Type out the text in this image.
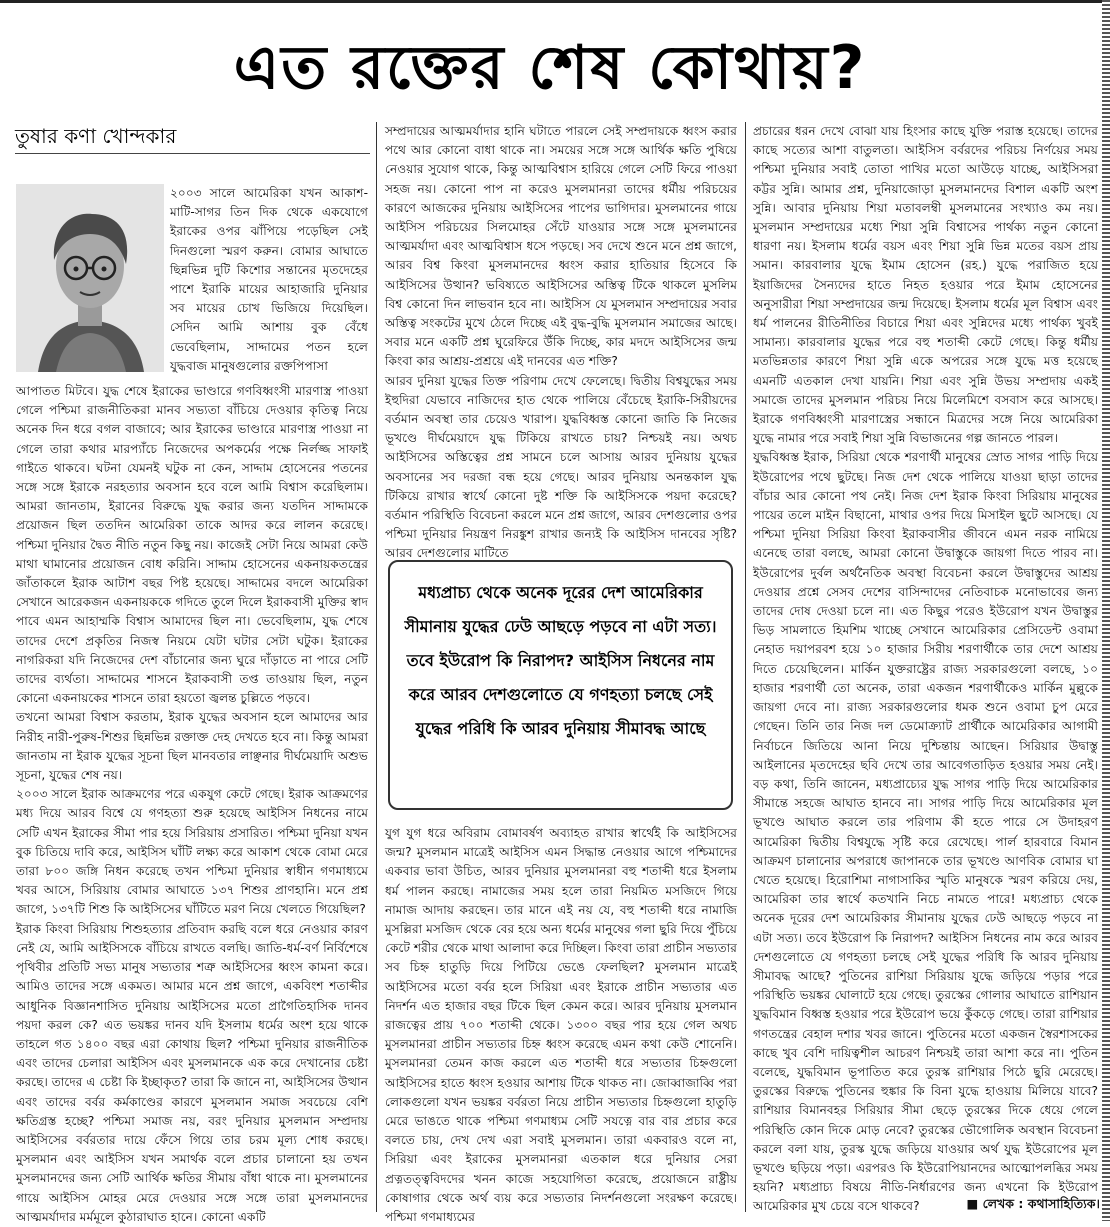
এত রক্তের শেষ কোথায়?
তুষার কণা খোন্দকার

২০০৩ সালে আমেরিকা যখন আকাশ-মাটি-সাগর তিন দিক থেকে একযোগে ইরাকের ওপর ঝাঁপিয়ে পড়েছিল সেই দিনগুলো স্মরণ করুন। বোমার আঘাতে ছিন্নভিন্ন দুটি কিশোর সন্তানের মৃতদেহের পাশে ইরাকি মায়ের আহাজারি দুনিয়ার সব মায়ের চোখ ভিজিয়ে দিয়েছিল। সেদিন আমি আশায় বুক বেঁধে ভেবেছিলাম, সাদ্দামের পতন হলে যুদ্ধবাজ মানুষগুলোর রক্তপিপাসা

আপাতত মিটবে। যুদ্ধ শেষে ইরাকের ভাণ্ডারে গণবিধ্বংসী মারণাস্ত্র পাওয়া গেলে পশ্চিমা রাজনীতিকরা মানব সভ্যতা বাঁচিয়ে দেওয়ার কৃতিত্ব নিয়ে অনেক দিন ধরে বগল বাজাবে; আর ইরাকের ভাণ্ডারে মারণাস্ত্র পাওয়া না গেলে তারা কথার মারপ্যাঁচে নিজেদের অপকর্মের পক্ষে নির্লজ্জ সাফাই গাইতে থাকবে। ঘটনা যেমনই ঘটুক না কেন, সাদ্দাম হোসেনের পতনের সঙ্গে সঙ্গে ইরাকে নরহত্যার অবসান হবে বলে আমি বিশ্বাস করেছিলাম। আমরা জানতাম, ইরানের বিরুদ্ধে যুদ্ধ করার জন্য যতদিন সাদ্দামকে প্রয়োজন ছিল ততদিন আমেরিকা তাকে আদর করে লালন করেছে। পশ্চিমা দুনিয়ার দ্বৈত নীতি নতুন কিছু নয়। কাজেই সেটা নিয়ে আমরা কেউ মাথা ঘামানোর প্রয়োজন বোধ করিনি। সাদ্দাম হোসেনের একনায়কতন্ত্রের জাঁতাকলে ইরাক আটাশ বছর পিষ্ট হয়েছে। সাদ্দামের বদলে আমেরিকা সেখানে আরেকজন একনায়ককে গদিতে তুলে দিলে ইরাকবাসী মুক্তির স্বাদ পাবে এমন আহাম্মকি বিশ্বাস আমাদের ছিল না। ভেবেছিলাম, যুদ্ধ শেষে তাদের দেশে প্রকৃতির নিজস্ব নিয়মে যেটা ঘটার সেটা ঘটুক। ইরাকের নাগরিকরা যদি নিজেদের দেশ বাঁচানোর জন্য ঘুরে দাঁড়াতে না পারে সেটি তাদের ব্যর্থতা। সাদ্দামের শাসনে ইরাকবাসী তপ্ত তাওয়ায় ছিল, নতুন কোনো একনায়কের শাসনে তারা হয়তো জ্বলন্ত চুল্লিতে পড়বে।

তখনো আমরা বিশ্বাস করতাম, ইরাক যুদ্ধের অবসান হলে আমাদের আর নিরীহ নারী-পুরুষ-শিশুর ছিন্নভিন্ন রক্তাক্ত দেহ দেখতে হবে না। কিন্তু আমরা জানতাম না ইরাক যুদ্ধের সূচনা ছিল মানবতার লাঞ্ছনার দীর্ঘমেয়াদি অশুভ সূচনা, যুদ্ধের শেষ নয়।

২০০৩ সালে ইরাক আক্রমণের পরে একযুগ কেটে গেছে। ইরাক আক্রমণের মধ্য দিয়ে আরব বিশ্বে যে গণহত্যা শুরু হয়েছে আইসিস নিধনের নামে সেটি এখন ইরাকের সীমা পার হয়ে সিরিয়ায় প্রসারিত। পশ্চিমা দুনিয়া যখন বুক চিতিয়ে দাবি করে, আইসিস ঘাঁটি লক্ষ্য করে আকাশ থেকে বোমা মেরে তারা ৮০০ জঙ্গি নিধন করেছে তখন পশ্চিমা দুনিয়ার স্বাধীন গণমাধ্যমে খবর আসে, সিরিয়ায় বোমার আঘাতে ১৩৭ শিশুর প্রাণহানি। মনে প্রশ্ন জাগে, ১৩৭টি শিশু কি আইসিসের ঘাঁটিতে মরণ নিয়ে খেলতে গিয়েছিল?

ইরাক কিংবা সিরিয়ায় শিশুহত্যার প্রতিবাদ করছি বলে ধরে নেওয়ার কারণ নেই যে, আমি আইসিসকে বাঁচিয়ে রাখতে বলছি। জাতি-ধর্ম-বর্ণ নির্বিশেষে পৃথিবীর প্রতিটি সভ্য মানুষ সভ্যতার শত্রু আইসিসের ধ্বংস কামনা করে। আমিও তাদের সঙ্গে একমত। আমার মনে প্রশ্ন জাগে, একবিংশ শতাব্দীর আধুনিক বিজ্ঞানশাসিত দুনিয়ায় আইসিসের মতো প্রাগৈতিহাসিক দানব পয়দা করল কে? এত ভয়ঙ্কর দানব যদি ইসলাম ধর্মের অংশ হয়ে থাকে তাহলে গত ১৪০০ বছর এরা কোথায় ছিল? পশ্চিমা দুনিয়ার রাজনীতিক এবং তাদের চেলারা আইসিস এবং মুসলমানকে এক করে দেখানোর চেষ্টা করছে। তাদের এ চেষ্টা কি ইচ্ছাকৃত? তারা কি জানে না, আইসিসের উত্থান এবং তাদের বর্বর কর্মকাণ্ডের কারণে মুসলমান সমাজ সবচেয়ে বেশি ক্ষতিগ্রস্ত হচ্ছে? পশ্চিমা সমাজ নয়, বরং দুনিয়ার মুসলমান সম্প্রদায় আইসিসের বর্বরতার দায়ে ফেঁসে গিয়ে তার চরম মূল্য শোধ করছে। মুসলমান এবং আইসিস যখন সমার্থক বলে প্রচার চালানো হয় তখন মুসলমানদের জন্য সেটি আর্থিক ক্ষতির সীমায় বাঁধা থাকে না। মুসলমানের গায়ে আইসিস মোহর মেরে দেওয়ার সঙ্গে সঙ্গে তারা মুসলমানদের আত্মমর্যাদার মর্মমূলে কুঠারাঘাত হানে। কোনো একটি

সম্প্রদায়ের আত্মমর্যাদার হানি ঘটাতে পারলে সেই সম্প্রদায়কে ধ্বংস করার পথে আর কোনো বাধা থাকে না। সময়ের সঙ্গে সঙ্গে আর্থিক ক্ষতি পুষিয়ে নেওয়ার সুযোগ থাকে, কিন্তু আত্মবিশ্বাস হারিয়ে গেলে সেটি ফিরে পাওয়া সহজ নয়। কোনো পাপ না করেও মুসলমানরা তাদের ধর্মীয় পরিচয়ের কারণে আজকের দুনিয়ায় আইসিসের পাপের ভাগিদার। মুসলমানের গায়ে আইসিস পরিচয়ের সিলমোহর সেঁটে যাওয়ার সঙ্গে সঙ্গে মুসলমানের আত্মমর্যাদা এবং আত্মবিশ্বাস ধসে পড়ছে। সব দেখে শুনে মনে প্রশ্ন জাগে, আরব বিশ্ব কিংবা মুসলমানদের ধ্বংস করার হাতিয়ার হিসেবে কি আইসিসের উত্থান? ভবিষ্যতে আইসিসের অস্তিত্ব টিকে থাকলে মুসলিম বিশ্ব কোনো দিন লাভবান হবে না। আইসিস যে মুসলমান সম্প্রদায়ের সবার অস্তিত্ব সংকটের মুখে ঠেলে দিচ্ছে এই বুদ্ধ-বুদ্ধি মুসলমান সমাজের আছে। সবার মনে একটি প্রশ্ন ঘুরেফিরে উঁকি দিচ্ছে, কার মদদে আইসিসের জন্ম কিংবা কার আশ্রয়-প্রশ্রয়ে এই দানবের এত শক্তি?

আরব দুনিয়া যুদ্ধের তিক্ত পরিণাম দেখে ফেলেছে। দ্বিতীয় বিশ্বযুদ্ধের সময় ইহুদিরা যেভাবে নাজিদের হাত থেকে পালিয়ে বেঁচেছে ইরাকি-সিরীয়দের বর্তমান অবস্থা তার চেয়েও খারাপ। যুদ্ধবিধ্বস্ত কোনো জাতি কি নিজের ভূখণ্ডে দীর্ঘমেয়াদে যুদ্ধ টিকিয়ে রাখতে চায়? নিশ্চয়ই নয়। অথচ আইসিসের অস্তিত্বের প্রশ্ন সামনে চলে আসায় আরব দুনিয়ায় যুদ্ধের অবসানের সব দরজা বন্ধ হয়ে গেছে। আরব দুনিয়ায় অনন্তকাল যুদ্ধ টিকিয়ে রাখার স্বার্থে কোনো দুষ্ট শক্তি কি আইসিসকে পয়দা করেছে? বর্তমান পরিস্থিতি বিবেচনা করলে মনে প্রশ্ন জাগে, আরব দেশগুলোর ওপর পশ্চিমা দুনিয়ার নিয়ন্ত্রণ নিরঙ্কুশ রাখার জন্যই কি আইসিস দানবের সৃষ্টি? আরব দেশগুলোর মাটিতে

মধ্যপ্রাচ্য থেকে অনেক দূরের দেশ আমেরিকার সীমানায় যুদ্ধের ঢেউ আছড়ে পড়বে না এটা সত্য। তবে ইউরোপ কি নিরাপদ? আইসিস নিধনের নাম করে আরব দেশগুলোতে যে গণহত্যা চলছে সেই যুদ্ধের পরিধি কি আরব দুনিয়ায় সীমাবদ্ধ আছে

যুগ যুগ ধরে অবিরাম বোমাবর্ষণ অব্যাহত রাখার স্বার্থেই কি আইসিসের জন্ম? মুসলমান মাত্রেই আইসিস এমন সিদ্ধান্ত নেওয়ার আগে পশ্চিমাদের একবার ভাবা উচিত, আরব দুনিয়ার মুসলমানরা বহু শতাব্দী ধরে ইসলাম ধর্ম পালন করছে। নামাজের সময় হলে তারা নিয়মিত মসজিদে গিয়ে নামাজ আদায় করছেন। তার মানে এই নয় যে, বহু শতাব্দী ধরে নামাজি মুসল্লিরা মসজিদ থেকে বের হয়ে অন্য ধর্মের মানুষের গলা ছুরি দিয়ে পুঁচিয়ে কেটে শরীর থেকে মাথা আলাদা করে দিচ্ছিল। কিংবা তারা প্রাচীন সভ্যতার সব চিহ্ন হাতুড়ি দিয়ে পিটিয়ে ভেঙে ফেলছিল? মুসলমান মাত্রেই আইসিসের মতো বর্বর হলে সিরিয়া এবং ইরাকে প্রাচীন সভ্যতার এত নিদর্শন এত হাজার বছর টিকে ছিল কেমন করে। আরব দুনিয়ায় মুসলমান রাজত্বের প্রায় ৭০০ শতাব্দী থেকে। ১৩০০ বছর পার হয়ে গেল অথচ মুসলমানরা প্রাচীন সভ্যতার চিহ্ন ধ্বংস করেছে এমন কথা কেউ শোনেনি। মুসলমানরা তেমন কাজ করলে এত শতাব্দী ধরে সভ্যতার চিহ্নগুলো আইসিসের হাতে ধ্বংস হওয়ার আশায় টিকে থাকত না। জোব্বাজাব্বি পরা লোকগুলো যখন ভয়ঙ্কর বর্বরতা নিয়ে প্রাচীন সভ্যতার চিহ্নগুলো হাতুড়ি মেরে ভাঙতে থাকে পশ্চিমা গণমাধ্যম সেটি সযত্নে বার বার প্রচার করে বলতে চায়, দেখ দেখ এরা সবাই মুসলমান। তারা একবারও বলে না, সিরিয়া এবং ইরাকের মুসলমানরা এতকাল ধরে দুনিয়ার সেরা প্রত্নতত্ত্ববিদদের খনন কাজে সহযোগিতা করেছে, প্রয়োজনে রাষ্ট্রীয় কোষাগার থেকে অর্থ ব্যয় করে সভ্যতার নিদর্শনগুলো সংরক্ষণ করেছে। পশ্চিমা গণমাধ্যমের

প্রচারের ধরন দেখে বোঝা যায় হিংসার কাছে যুক্তি পরাস্ত হয়েছে। তাদের কাছে সত্যের আশা বাতুলতা। আইসিস বর্বরদের পরিচয় নির্ণয়ের সময় পশ্চিমা দুনিয়ার সবাই তোতা পাখির মতো আউড়ে যাচ্ছে, আইসিসরা কট্টর সুন্নি। আমার প্রশ্ন, দুনিয়াজোড়া মুসলমানদের বিশাল একটি অংশ সুন্নি। আবার দুনিয়ায় শিয়া মতাবলম্বী মুসলমানের সংখ্যাও কম নয়। মুসলমান সম্প্রদায়ের মধ্যে শিয়া সুন্নি বিশ্বাসের পার্থক্য নতুন কোনো ধারণা নয়। ইসলাম ধর্মের বয়স এবং শিয়া সুন্নি ভিন্ন মতের বয়স প্রায় সমান। কারবালার যুদ্ধে ইমাম হোসেন (রহ.) যুদ্ধে পরাজিত হয়ে ইয়াজিদের সৈন্যদের হাতে নিহত হওয়ার পরে ইমাম হোসেনের অনুসারীরা শিয়া সম্প্রদায়ের জন্ম দিয়েছে। ইসলাম ধর্মের মূল বিশ্বাস এবং ধর্ম পালনের রীতিনীতির বিচারে শিয়া এবং সুন্নিদের মধ্যে পার্থক্য খুবই সামান্য। কারবালার যুদ্ধের পরে বহু শতাব্দী কেটে গেছে। কিন্তু ধর্মীয় মতভিন্নতার কারণে শিয়া সুন্নি একে অপরের সঙ্গে যুদ্ধে মত্ত হয়েছে এমনটি এতকাল দেখা যায়নি। শিয়া এবং সুন্নি উভয় সম্প্রদায় একই সমাজে তাদের মুসলমান পরিচয় নিয়ে মিলেমিশে বসবাস করে আসছে। ইরাকে গণবিধ্বংসী মারণাস্ত্রের সন্ধানে মিত্রদের সঙ্গে নিয়ে আমেরিকা যুদ্ধে নামার পরে সবাই শিয়া সুন্নি বিভাজনের গল্প জানতে পারল।

যুদ্ধবিধ্বস্ত ইরাক, সিরিয়া থেকে শরণার্থী মানুষের স্রোত সাগর পাড়ি দিয়ে ইউরোপের পথে ছুটছে। নিজ দেশ থেকে পালিয়ে যাওয়া ছাড়া তাদের বাঁচার আর কোনো পথ নেই। নিজ দেশ ইরাক কিংবা সিরিয়ায় মানুষের পায়ের তলে মাইন বিছানো, মাথার ওপর দিয়ে মিসাইল ছুটে আসছে। যে পশ্চিমা দুনিয়া সিরিয়া কিংবা ইরাকবাসীর জীবনে এমন নরক নামিয়ে এনেছে তারা বলছে, আমরা কোনো উদ্বাস্তুকে জায়গা দিতে পারব না। ইউরোপের দুর্বল অর্থনৈতিক অবস্থা বিবেচনা করলে উদ্বাস্তুদের আশ্রয় দেওয়ার প্রশ্নে সেসব দেশের বাসিন্দাদের নেতিবাচক মনোভাবের জন্য তাদের দোষ দেওয়া চলে না। এত কিছুর পরেও ইউরোপ যখন উদ্বাস্তুর ভিড় সামলাতে হিমশিম খাচ্ছে সেখানে আমেরিকার প্রেসিডেন্ট ওবামা নেহাত দয়াপরবশ হয়ে ১০ হাজার সিরীয় শরণার্থীকে তার দেশে আশ্রয় দিতে চেয়েছিলেন। মার্কিন যুক্তরাষ্ট্রের রাজ্য সরকারগুলো বলছে, ১০ হাজার শরণার্থী তো অনেক, তারা একজন শরণার্থীকেও মার্কিন মুল্লুকে জায়গা দেবে না। রাজ্য সরকারগুলোর ধমক শুনে ওবামা চুপ মেরে গেছেন। তিনি তার নিজ দল ডেমোক্র্যাট প্রার্থীকে আমেরিকার আগামী নির্বাচনে জিতিয়ে আনা নিয়ে দুশ্চিন্তায় আছেন। সিরিয়ার উদ্বাস্তু আইলানের মৃতদেহের ছবি দেখে তার আবেগতাড়িত হওয়ার সময় নেই। বড় কথা, তিনি জানেন, মধ্যপ্রাচ্যের যুদ্ধ সাগর পাড়ি দিয়ে আমেরিকার সীমান্তে সহজে আঘাত হানবে না। সাগর পাড়ি দিয়ে আমেরিকার মূল ভূখণ্ডে আঘাত করলে তার পরিণাম কী হতে পারে সে উদাহরণ আমেরিকা দ্বিতীয় বিশ্বযুদ্ধে সৃষ্টি করে রেখেছে। পার্ল হারবারে বিমান আক্রমণ চালানোর অপরাধে জাপানকে তার ভূখণ্ডে আণবিক বোমার ঘা খেতে হয়েছে। হিরোশিমা নাগাসাকির স্মৃতি মানুষকে স্মরণ করিয়ে দেয়, আমেরিকা তার স্বার্থে কতখানি নিচে নামতে পারে! মধ্যপ্রাচ্য থেকে অনেক দূরের দেশ আমেরিকার সীমানায় যুদ্ধের ঢেউ আছড়ে পড়বে না এটা সত্য। তবে ইউরোপ কি নিরাপদ? আইসিস নিধনের নাম করে আরব দেশগুলোতে যে গণহত্যা চলছে সেই যুদ্ধের পরিধি কি আরব দুনিয়ায় সীমাবদ্ধ আছে? পুতিনের রাশিয়া সিরিয়ায় যুদ্ধে জড়িয়ে পড়ার পরে পরিস্থিতি ভয়ঙ্কর ঘোলাটে হয়ে গেছে। তুরস্কের গোলার আঘাতে রাশিয়ান যুদ্ধবিমান বিধ্বস্ত হওয়ার পরে ইউরোপ ভয়ে কুঁকড়ে গেছে। তারা রাশিয়ার গণতন্ত্রের বেহাল দশার খবর জানে। পুতিনের মতো একজন স্বৈরশাসকের কাছে খুব বেশি দায়িত্বশীল আচরণ নিশ্চয়ই তারা আশা করে না। পুতিন বলেছে, যুদ্ধবিমান ভূপাতিত করে তুরস্ক রাশিয়ার পিঠে ছুরি মেরেছে। তুরস্কের বিরুদ্ধে পুতিনের হুঙ্কার কি বিনা যুদ্ধে হাওয়ায় মিলিয়ে যাবে? রাশিয়ার বিমানবহর সিরিয়ার সীমা ছেড়ে তুরস্কের দিকে ধেয়ে গেলে পরিস্থিতি কোন দিকে মোড় নেবে? তুরস্কের ভৌগোলিক অবস্থান বিবেচনা করলে বলা যায়, তুরস্ক যুদ্ধে জড়িয়ে যাওয়ার অর্থ যুদ্ধ ইউরোপের মূল ভূখণ্ডে ছড়িয়ে পড়া। এরপরও কি ইউরোপিয়ানদের আত্মোপলব্ধির সময় হয়নি? মধ্যপ্রাচ্য বিষয়ে নীতি-নির্ধারণের জন্য এখনো কি ইউরোপ আমেরিকার মুখ চেয়ে বসে থাকবে?	■ লেখক : কথাসাহিত্যিক।
